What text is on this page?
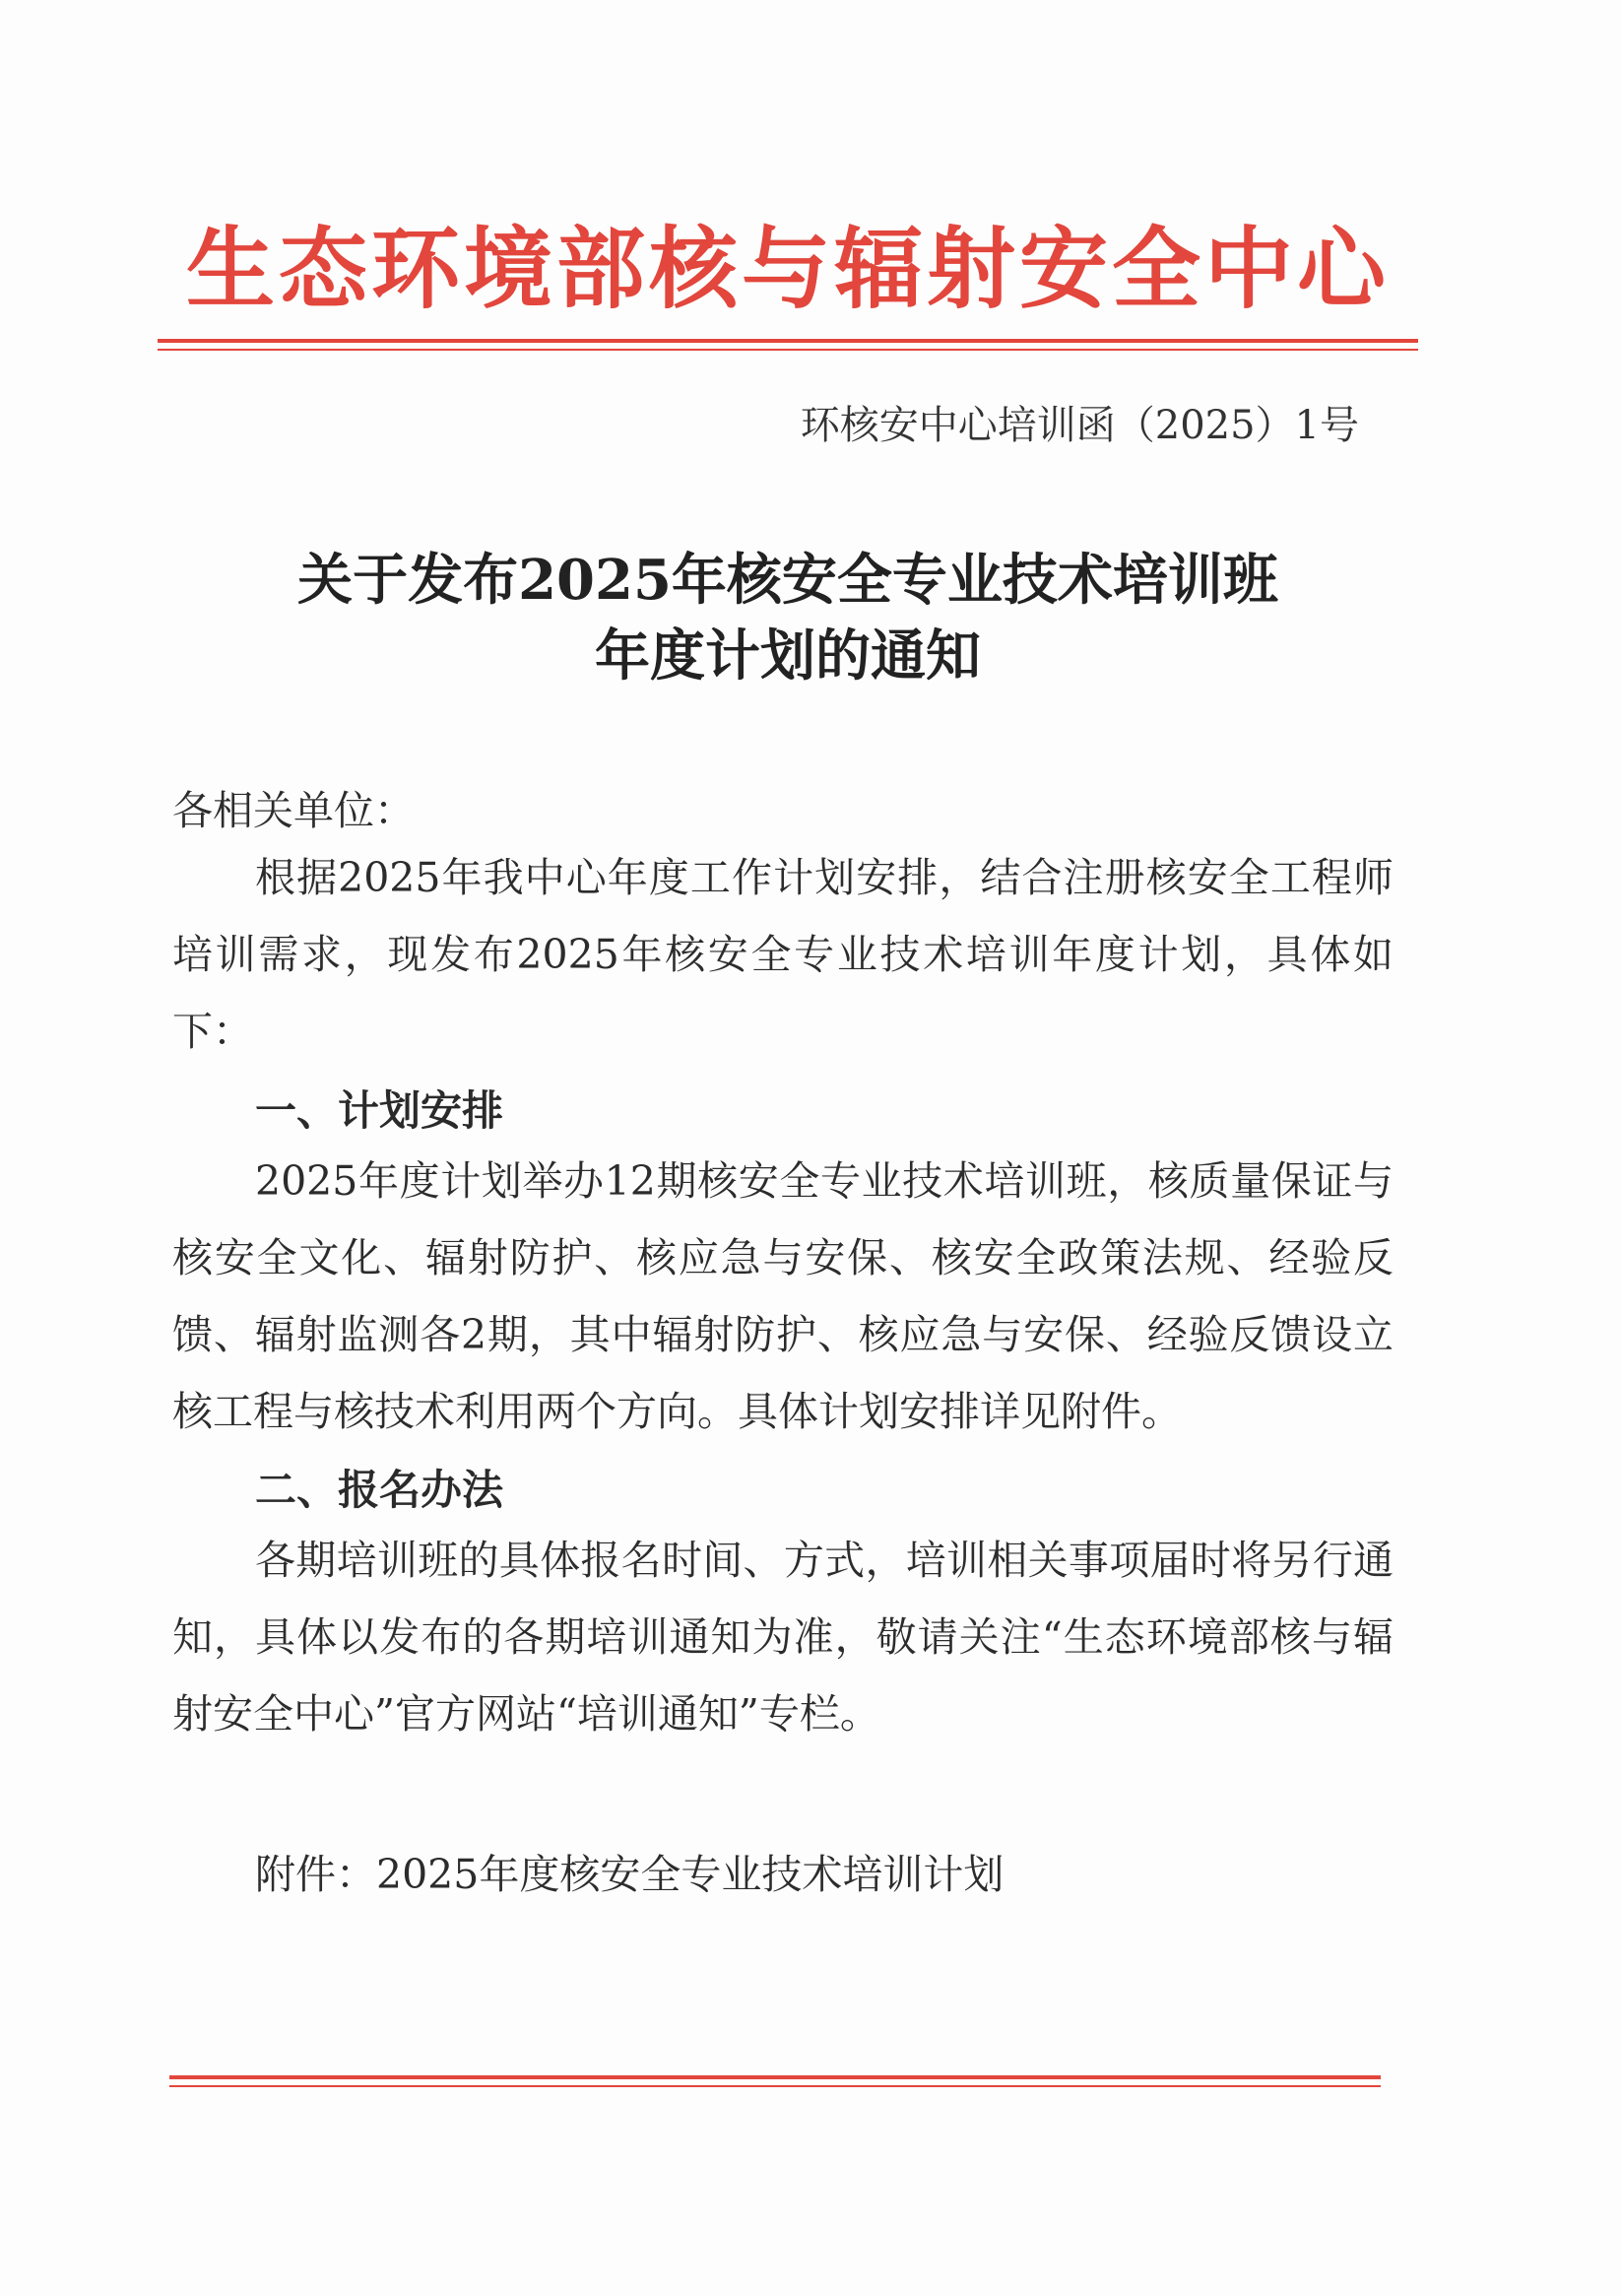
生态环境部核与辐射安全中心
环核安中心培训函（2025）1号
关于发布2025年核安全专业技术培训班
年度计划的通知
各相关单位：
根据2025年我中心年度工作计划安排，结合注册核安全工程师培训需求，现发布2025年核安全专业技术培训年度计划，具体如下：
一、计划安排
2025年度计划举办12期核安全专业技术培训班，核质量保证与核安全文化、辐射防护、核应急与安保、核安全政策法规、经验反馈、辐射监测各2期，其中辐射防护、核应急与安保、经验反馈设立核工程与核技术利用两个方向。具体计划安排详见附件。
二、报名办法
各期培训班的具体报名时间、方式，培训相关事项届时将另行通知，具体以发布的各期培训通知为准，敬请关注“生态环境部核与辐射安全中心”官方网站“培训通知”专栏。
附件：2025年度核安全专业技术培训计划
